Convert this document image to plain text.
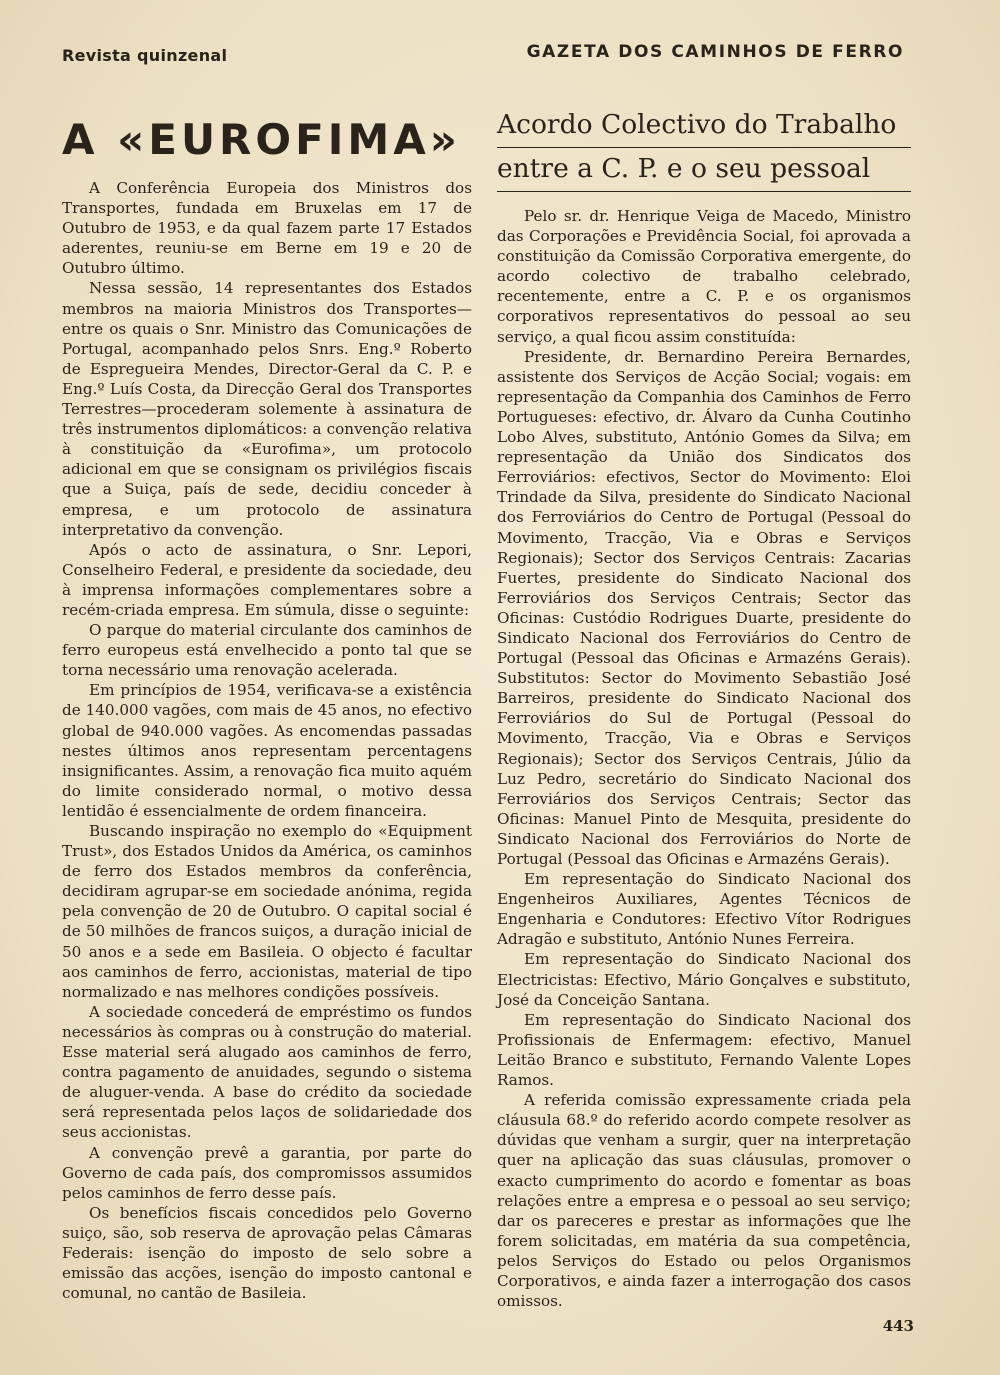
Revista quinzenal	GAZETA DOS CAMINHOS DE FERRO
A «EUROFIMA»

A Conferência Europeia dos Ministros dos Transportes, fundada em Bruxelas em 17 de Outubro de 1953, e da qual fazem parte 17 Estados aderentes, reuniu-se em Berne em 19 e 20 de Outubro último.

Nessa sessão, 14 representantes dos Estados membros na maioria Ministros dos Transportes—entre os quais o Snr. Ministro das Comunicações de Portugal, acompanhado pelos Snrs. Eng.º Roberto de Espregueira Mendes, Director-Geral da C. P. e Eng.º Luís Costa, da Direcção Geral dos Transportes Terrestres—procederam solemente à assinatura de três instrumentos diplomáticos: a convenção relativa à constituição da «Eurofima», um protocolo adicional em que se consignam os privilégios fiscais que a Suiça, país de sede, decidiu conceder à empresa, e um protocolo de assinatura interpretativo da convenção.

Após o acto de assinatura, o Snr. Lepori, Conselheiro Federal, e presidente da sociedade, deu à imprensa informações complementares sobre a recém-criada empresa. Em súmula, disse o seguinte:

O parque do material circulante dos caminhos de ferro europeus está envelhecido a ponto tal que se torna necessário uma renovação acelerada.

Em princípios de 1954, verificava-se a existência de 140.000 vagões, com mais de 45 anos, no efectivo global de 940.000 vagões. As encomendas passadas nestes últimos anos representam percentagens insignificantes. Assim, a renovação fica muito aquém do limite considerado normal, o motivo dessa lentidão é essencialmente de ordem financeira.

Buscando inspiração no exemplo do «Equipment Trust», dos Estados Unidos da América, os caminhos de ferro dos Estados membros da conferência, decidiram agrupar-se em sociedade anónima, regida pela convenção de 20 de Outubro. O capital social é de 50 milhões de francos suiços, a duração inicial de 50 anos e a sede em Basileia. O objecto é facultar aos caminhos de ferro, accionistas, material de tipo normalizado e nas melhores condições possíveis.

A sociedade concederá de empréstimo os fundos necessários às compras ou à construção do material. Esse material será alugado aos caminhos de ferro, contra pagamento de anuidades, segundo o sistema de aluguer-venda. A base do crédito da sociedade será representada pelos laços de solidariedade dos seus accionistas.

A convenção prevê a garantia, por parte do Governo de cada país, dos compromissos assumidos pelos caminhos de ferro desse país.

Os benefícios fiscais concedidos pelo Governo suiço, são, sob reserva de aprovação pelas Câmaras Federais: isenção do imposto de selo sobre a emissão das acções, isenção do imposto cantonal e comunal, no cantão de Basileia.

Acordo Colectivo do Trabalho
entre a C. P. e o seu pessoal

Pelo sr. dr. Henrique Veiga de Macedo, Ministro das Corporações e Previdência Social, foi aprovada a constituição da Comissão Corporativa emergente, do acordo colectivo de trabalho celebrado, recentemente, entre a C. P. e os organismos corporativos representativos do pessoal ao seu serviço, a qual ficou assim constituída:

Presidente, dr. Bernardino Pereira Bernardes, assistente dos Serviços de Acção Social; vogais: em representação da Companhia dos Caminhos de Ferro Portugueses: efectivo, dr. Álvaro da Cunha Coutinho Lobo Alves, substituto, António Gomes da Silva; em representação da União dos Sindicatos dos Ferroviários: efectivos, Sector do Movimento: Eloi Trindade da Silva, presidente do Sindicato Nacional dos Ferroviários do Centro de Portugal (Pessoal do Movimento, Tracção, Via e Obras e Serviços Regionais); Sector dos Serviços Centrais: Zacarias Fuertes, presidente do Sindicato Nacional dos Ferroviários dos Serviços Centrais; Sector das Oficinas: Custódio Rodrigues Duarte, presidente do Sindicato Nacional dos Ferroviários do Centro de Portugal (Pessoal das Oficinas e Armazéns Gerais). Substitutos: Sector do Movimento Sebastião José Barreiros, presidente do Sindicato Nacional dos Ferroviários do Sul de Portugal (Pessoal do Movimento, Tracção, Via e Obras e Serviços Regionais); Sector dos Serviços Centrais, Júlio da Luz Pedro, secretário do Sindicato Nacional dos Ferroviários dos Serviços Centrais; Sector das Oficinas: Manuel Pinto de Mesquita, presidente do Sindicato Nacional dos Ferroviários do Norte de Portugal (Pessoal das Oficinas e Armazéns Gerais).

Em representação do Sindicato Nacional dos Engenheiros Auxiliares, Agentes Técnicos de Engenharia e Condutores: Efectivo Vítor Rodrigues Adragão e substituto, António Nunes Ferreira.

Em representação do Sindicato Nacional dos Electricistas: Efectivo, Mário Gonçalves e substituto, José da Conceição Santana.

Em representação do Sindicato Nacional dos Profissionais de Enfermagem: efectivo, Manuel Leitão Branco e substituto, Fernando Valente Lopes Ramos.

A referida comissão expressamente criada pela cláusula 68.º do referido acordo compete resolver as dúvidas que venham a surgir, quer na interpretação quer na aplicação das suas cláusulas, promover o exacto cumprimento do acordo e fomentar as boas relações entre a empresa e o pessoal ao seu serviço; dar os pareceres e prestar as informações que lhe forem solicitadas, em matéria da sua competência, pelos Serviços do Estado ou pelos Organismos Corporativos, e ainda fazer a interrogação dos casos omissos.

443
